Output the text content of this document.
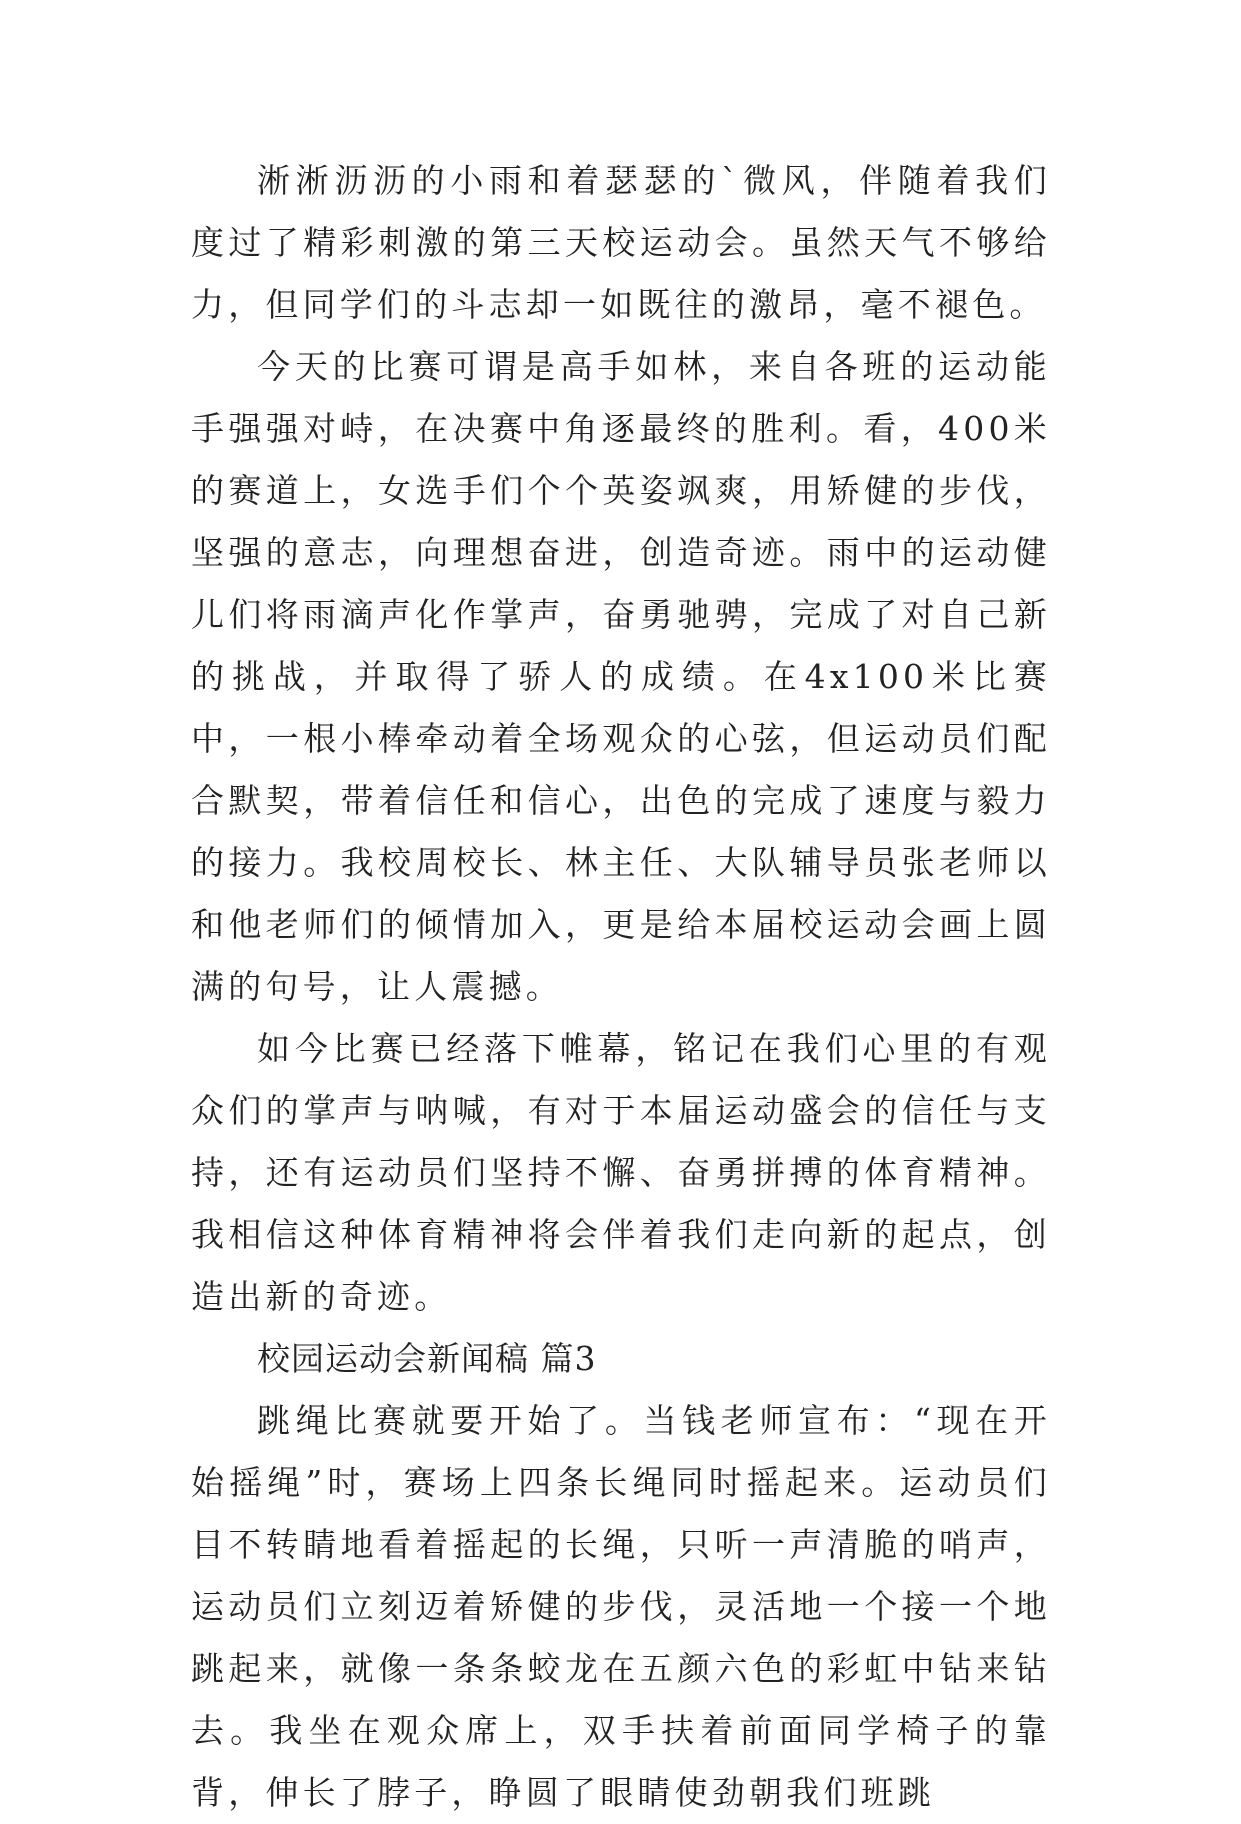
淅淅沥沥的小雨和着瑟瑟的`微风，伴随着我们度过了精彩刺激的第三天校运动会。虽然天气不够给力，但同学们的斗志却一如既往的激昂，毫不褪色。

今天的比赛可谓是高手如林，来自各班的运动能手强强对峙，在决赛中角逐最终的胜利。看，400米的赛道上，女选手们个个英姿飒爽，用矫健的步伐，坚强的意志，向理想奋进，创造奇迹。雨中的运动健儿们将雨滴声化作掌声，奋勇驰骋，完成了对自己新的挑战，并取得了骄人的成绩。在4x100米比赛中，一根小棒牵动着全场观众的心弦，但运动员们配合默契，带着信任和信心，出色的完成了速度与毅力的接力。我校周校长、林主任、大队辅导员张老师以和他老师们的倾情加入，更是给本届校运动会画上圆满的句号，让人震撼。

如今比赛已经落下帷幕，铭记在我们心里的有观众们的掌声与呐喊，有对于本届运动盛会的信任与支持，还有运动员们坚持不懈、奋勇拼搏的体育精神。我相信这种体育精神将会伴着我们走向新的起点，创造出新的奇迹。

校园运动会新闻稿 篇3

跳绳比赛就要开始了。当钱老师宣布：“现在开始摇绳”时，赛场上四条长绳同时摇起来。运动员们目不转睛地看着摇起的长绳，只听一声清脆的哨声，运动员们立刻迈着矫健的步伐，灵活地一个接一个地跳起来，就像一条条蛟龙在五颜六色的彩虹中钻来钻去。我坐在观众席上，双手扶着前面同学椅子的靠背，伸长了脖子，睁圆了眼睛使劲朝我们班跳
